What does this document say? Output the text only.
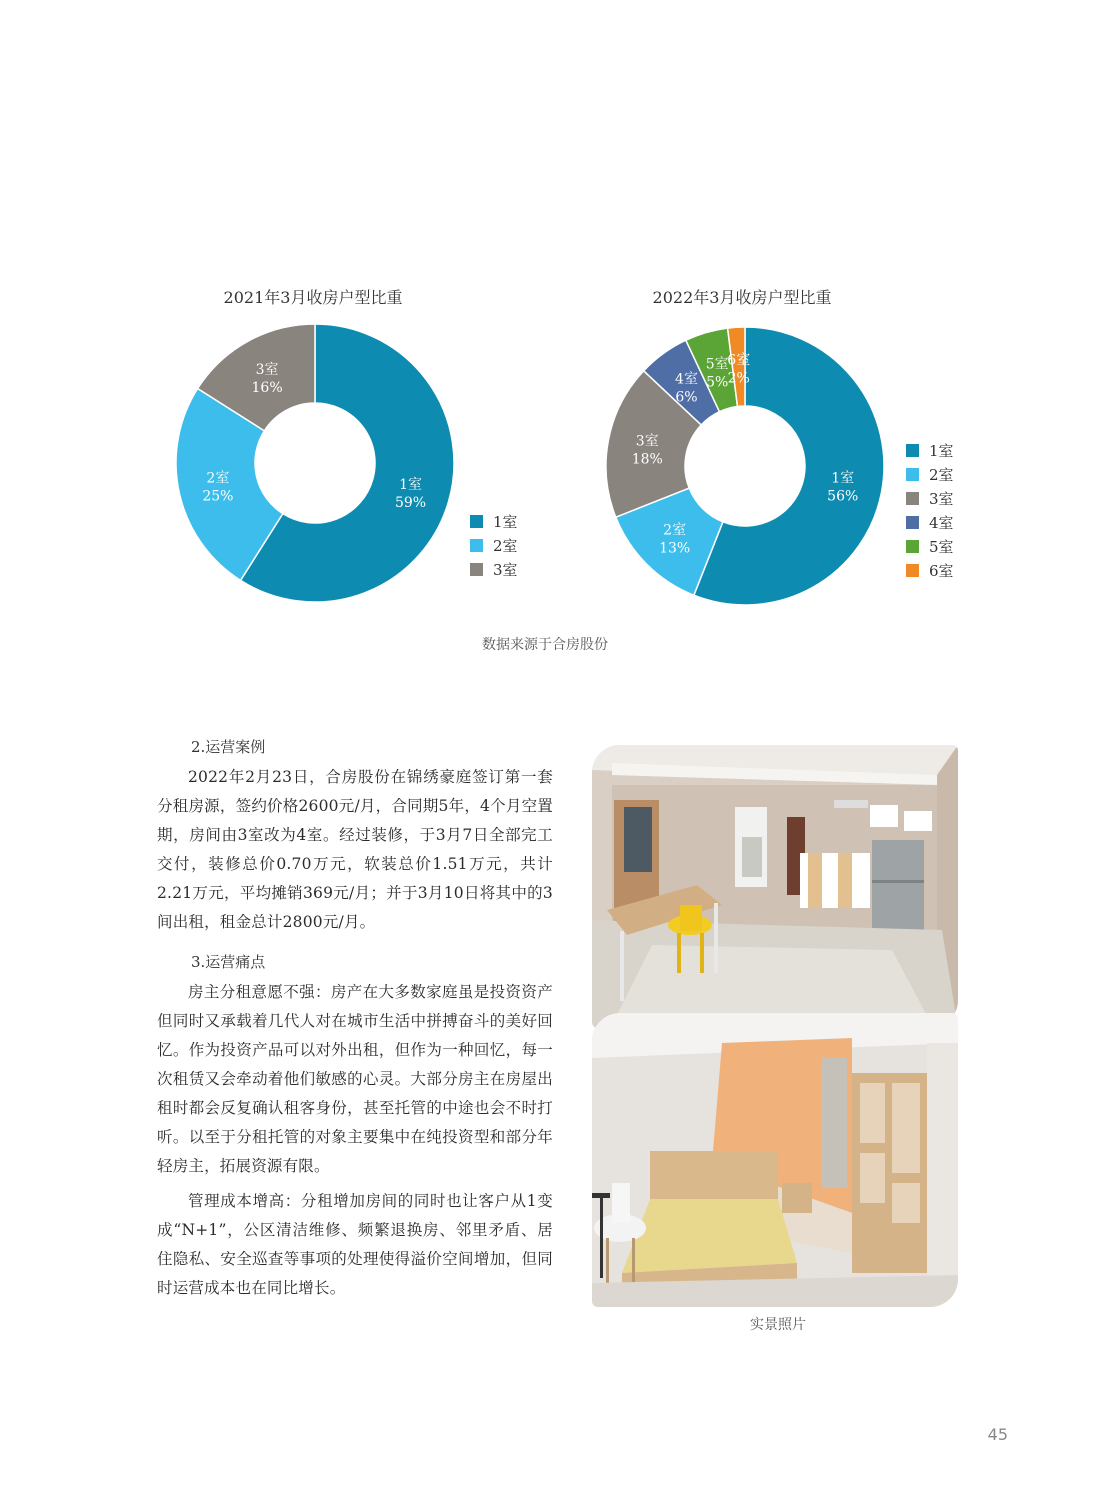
2021年3月收房户型比重
1室
59%
2室
25%
3室
16%
1室
2室
3室
2022年3月收房户型比重
1室
56%
2室
13%
3室
18%
4室
6%
5室
5%
6室
2%
1室
2室
3室
4室
5室
6室
数据来源于合房股份
2.运营案例

2022年2月23日，合房股份在锦绣豪庭签订第一套分租房源，签约价格2600元/月，合同期5年，4个月空置期，房间由3室改为4室。经过装修，于3月7日全部完工交付，装修总价0.70万元，软装总价1.51万元，共计2.21万元，平均摊销369元/月；并于3月10日将其中的3间出租，租金总计2800元/月。

3.运营痛点

房主分租意愿不强：房产在大多数家庭虽是投资资产但同时又承载着几代人对在城市生活中拼搏奋斗的美好回忆。作为投资产品可以对外出租，但作为一种回忆，每一次租赁又会牵动着他们敏感的心灵。大部分房主在房屋出租时都会反复确认租客身份，甚至托管的中途也会不时打听。以至于分租托管的对象主要集中在纯投资型和部分年轻房主，拓展资源有限。

管理成本增高：分租增加房间的同时也让客户从1变成“N+1”，公区清洁维修、频繁退换房、邻里矛盾、居住隐私、安全巡查等事项的处理使得溢价空间增加，但同时运营成本也在同比增长。

实景照片
45
